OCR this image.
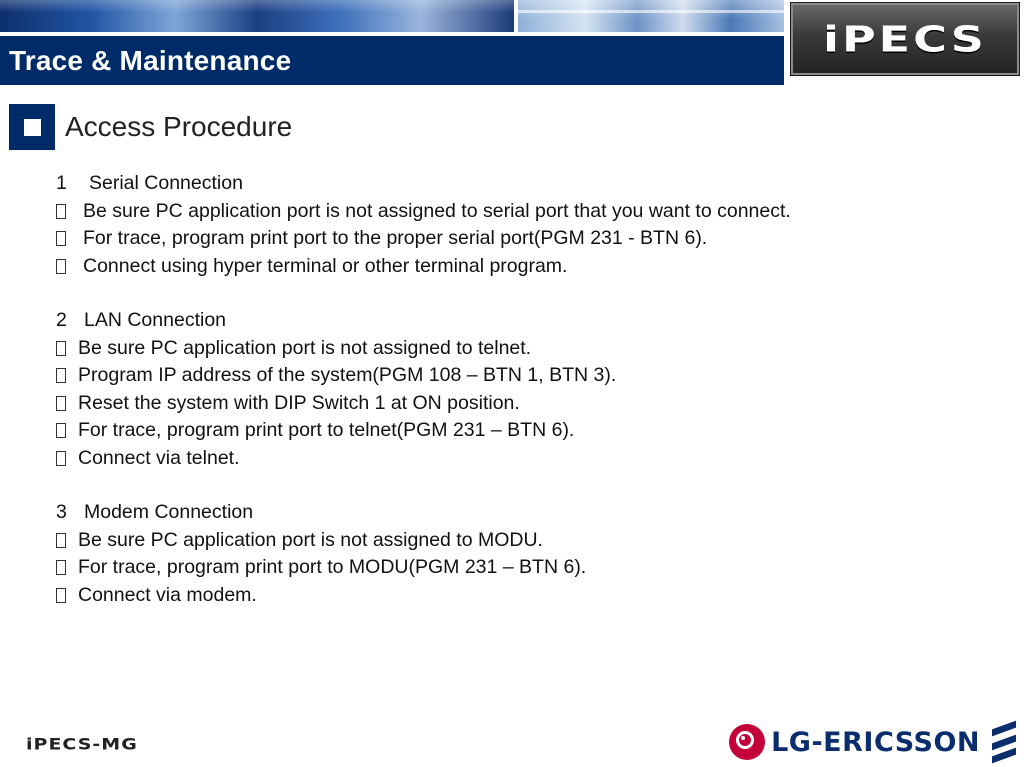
Trace & Maintenance	iPECS
Access Procedure
1 Serial Connection
Be sure PC application port is not assigned to serial port that you want to connect.
For trace, program print port to the proper serial port(PGM 231 - BTN 6).
Connect using hyper terminal or other terminal program.
2 LAN Connection
Be sure PC application port is not assigned to telnet.
Program IP address of the system(PGM 108 – BTN 1, BTN 3).
Reset the system with DIP Switch 1 at ON position.
For trace, program print port to telnet(PGM 231 – BTN 6).
Connect via telnet.
3 Modem Connection
Be sure PC application port is not assigned to MODU.
For trace, program print port to MODU(PGM 231 – BTN 6).
Connect via modem.
iPECS-MG	LG-ERICSSON
